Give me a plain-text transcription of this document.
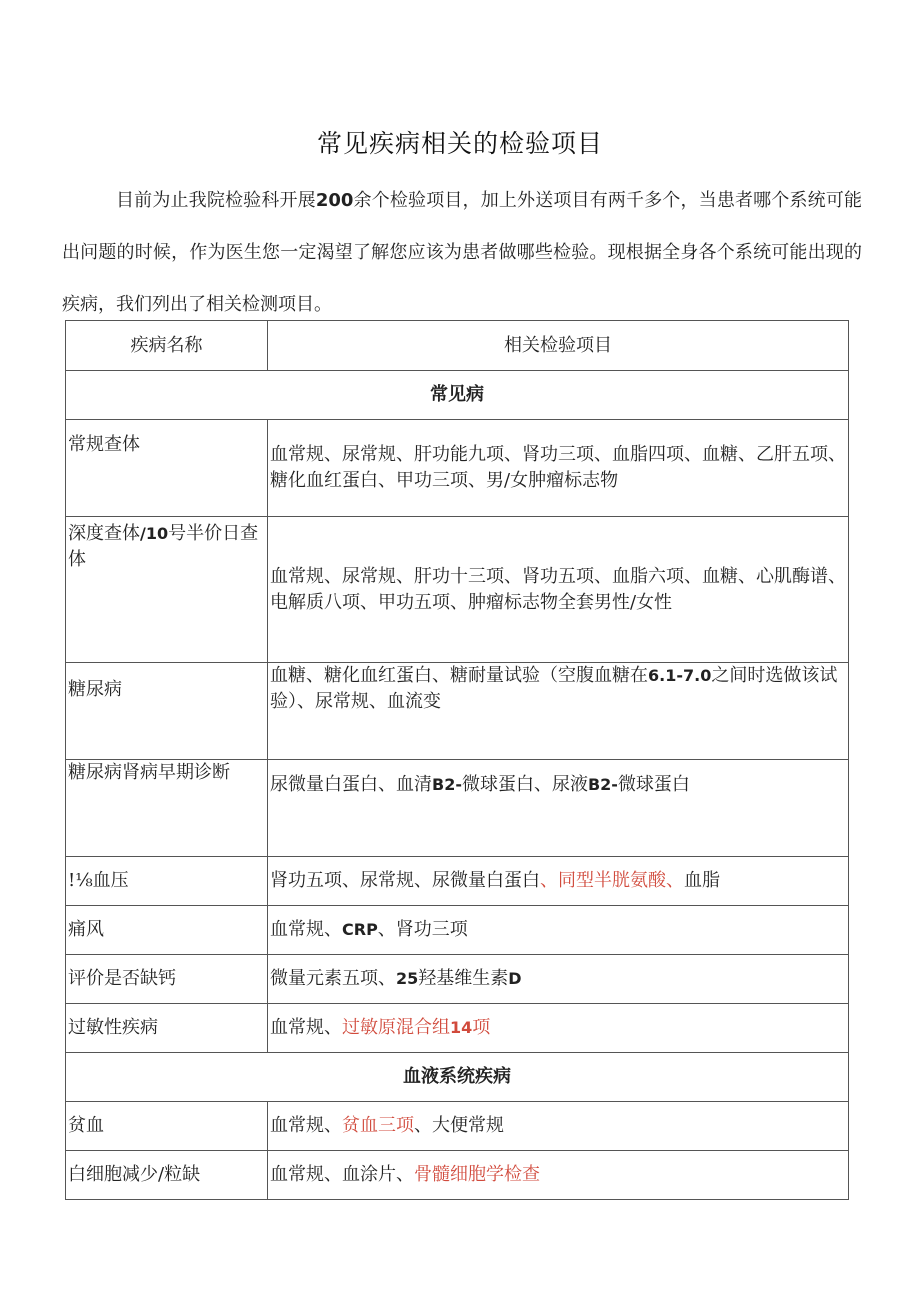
常见疾病相关的检验项目

目前为止我院检验科开展200余个检验项目，加上外送项目有两千多个，当患者哪个系统可能出问题的时候，作为医生您一定渴望了解您应该为患者做哪些检验。现根据全身各个系统可能出现的疾病，我们列出了相关检测项目。

疾病名称	相关检验项目
常见病	
常规查体	血常规、尿常规、肝功能九项、肾功三项、血脂四项、血糖、乙肝五项、糖化血红蛋白、甲功三项、男/女肿瘤标志物
深度查体/10号半价日查体	血常规、尿常规、肝功十三项、肾功五项、血脂六项、血糖、心肌酶谱、电解质八项、甲功五项、肿瘤标志物全套男性/女性
糖尿病	血糖、糖化血红蛋白、糖耐量试验（空腹血糖在6.1-7.0之间时选做该试验）、尿常规、血流变
糖尿病肾病早期诊断	尿微量白蛋白、血清B2-微球蛋白、尿液B2-微球蛋白
!⅛血压	肾功五项、尿常规、尿微量白蛋白、同型半胱氨酸、血脂
痛风	血常规、CRP、肾功三项
评价是否缺钙	微量元素五项、25羟基维生素D
过敏性疾病	血常规、过敏原混合组14项
血液系统疾病	
贫血	血常规、贫血三项、大便常规
白细胞减少/粒缺	血常规、血涂片、骨髓细胞学检查
